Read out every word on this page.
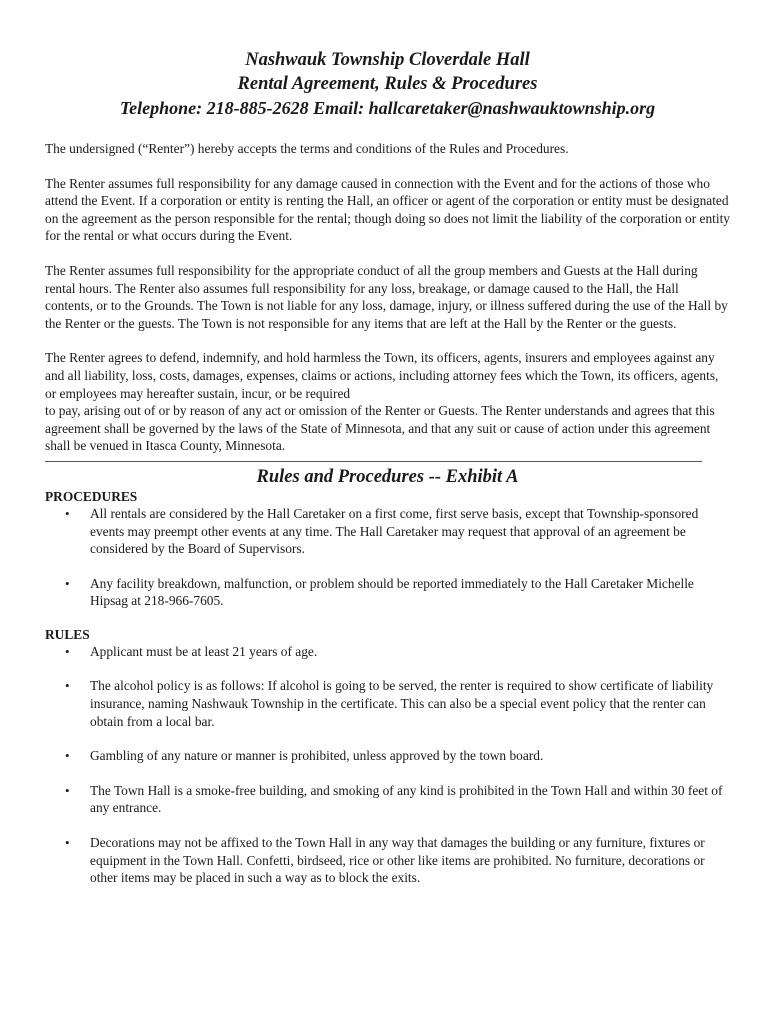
Nashwauk Township Cloverdale Hall
Rental Agreement, Rules & Procedures
Telephone: 218-885-2628 Email: hallcaretaker@nashwauktownship.org

The undersigned (“Renter”) hereby accepts the terms and conditions of the Rules and Procedures.

The Renter assumes full responsibility for any damage caused in connection with the Event and for the actions of those who attend the Event. If a corporation or entity is renting the Hall, an officer or agent of the corporation or entity must be designated on the agreement as the person responsible for the rental; though doing so does not limit the liability of the corporation or entity for the rental or what occurs during the Event.

The Renter assumes full responsibility for the appropriate conduct of all the group members and Guests at the Hall during rental hours. The Renter also assumes full responsibility for any loss, breakage, or damage caused to the Hall, the Hall contents, or to the Grounds. The Town is not liable for any loss, damage, injury, or illness suffered during the use of the Hall by the Renter or the guests. The Town is not responsible for any items that are left at the Hall by the Renter or the guests.

The Renter agrees to defend, indemnify, and hold harmless the Town, its officers, agents, insurers and employees against any and all liability, loss, costs, damages, expenses, claims or actions, including attorney fees which the Town, its officers, agents, or employees may hereafter sustain, incur, or be required

to pay, arising out of or by reason of any act or omission of the Renter or Guests. The Renter understands and agrees that this agreement shall be governed by the laws of the State of Minnesota, and that any suit or cause of action under this agreement shall be venued in Itasca County, Minnesota.

Rules and Procedures -- Exhibit A
PROCEDURES
• All rentals are considered by the Hall Caretaker on a first come, first serve basis, except that Township-sponsored events may preempt other events at any time. The Hall Caretaker may request that approval of an agreement be considered by the Board of Supervisors.
• Any facility breakdown, malfunction, or problem should be reported immediately to the Hall Caretaker Michelle Hipsag at 218-966-7605.
RULES
• Applicant must be at least 21 years of age.
• The alcohol policy is as follows: If alcohol is going to be served, the renter is required to show certificate of liability insurance, naming Nashwauk Township in the certificate. This can also be a special event policy that the renter can obtain from a local bar.
• Gambling of any nature or manner is prohibited, unless approved by the town board.
• The Town Hall is a smoke-free building, and smoking of any kind is prohibited in the Town Hall and within 30 feet of any entrance.
• Decorations may not be affixed to the Town Hall in any way that damages the building or any furniture, fixtures or equipment in the Town Hall. Confetti, birdseed, rice or other like items are prohibited. No furniture, decorations or other items may be placed in such a way as to block the exits.
